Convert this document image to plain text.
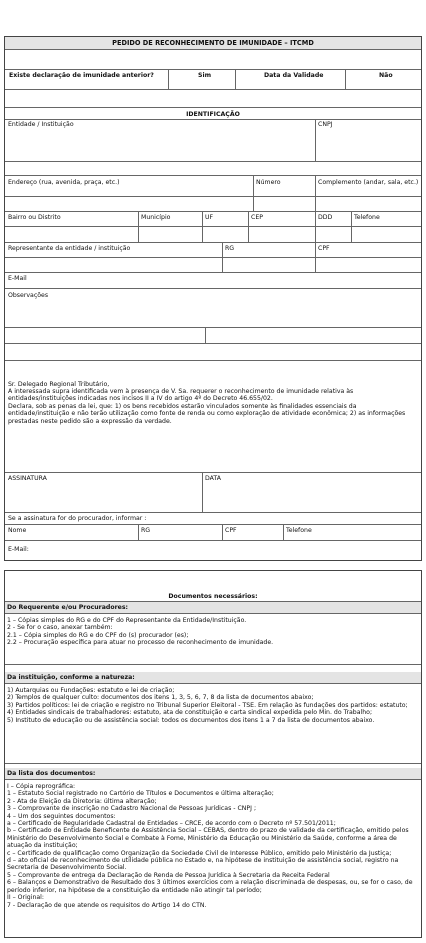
PEDIDO DE RECONHECIMENTO DE IMUNIDADE – ITCMD
Existe declaração de imunidade anterior?	Sim	Data da Validade	Não
IDENTIFICAÇÃO
Entidade / Instituição	CNPJ
Endereço (rua, avenida, praça, etc.)	Número	Complemento (andar, sala, etc.)
Bairro ou Distrito	Município	UF	CEP	DDD	Telefone
Representante da entidade / instituição	RG	CPF
E-Mail
Observações
Sr. Delegado Regional Tributário,
A interessada supra identificada vem à presença de V. Sa. requerer o reconhecimento de imunidade relativa às entidades/instituições indicadas nos incisos II a IV do artigo 4º do Decreto 46.655/02.
Declara, sob as penas da lei, que: 1) os bens recebidos estarão vinculados somente às finalidades essenciais da entidade/instituição e não terão utilização como fonte de renda ou como exploração de atividade econômica; 2) as informações prestadas neste pedido são a expressão da verdade.
ASSINATURA	DATA
Se a assinatura for do procurador, informar :
Nome	RG	CPF	Telefone
E-Mail:
Documentos necessários:
Do Requerente e/ou Procuradores:
1 – Cópias simples do RG e do CPF do Representante da Entidade/Instituição.
2 - Se for o caso, anexar também:
2.1 – Cópia simples do RG e do CPF do (s) procurador (es);
2.2 – Procuração específica para atuar no processo de reconhecimento de imunidade.
Da instituição, conforme a natureza:
1) Autarquias ou Fundações: estatuto e lei de criação;
2) Templos de qualquer culto: documentos dos itens 1, 3, 5, 6, 7, 8 da lista de documentos abaixo;
3) Partidos políticos: lei de criação e registro no Tribunal Superior Eleitoral - TSE. Em relação às fundações dos partidos: estatuto;
4) Entidades sindicais de trabalhadores: estatuto, ata de constituição e carta sindical expedida pelo Min. do Trabalho;
5) Instituto de educação ou de assistência social: todos os documentos dos itens 1 a 7 da lista de documentos abaixo.
Da lista dos documentos:
I – Cópia reprográfica:
1 – Estatuto Social registrado no Cartório de Títulos e Documentos e última alteração;
2 - Ata de Eleição da Diretoria: última alteração;
3 – Comprovante de inscrição no Cadastro Nacional de Pessoas Jurídicas - CNPJ ;
4 – Um dos seguintes documentos:
a – Certificado de Regularidade Cadastral de Entidades – CRCE, de acordo com o Decreto nº 57.501/2011;
b – Certificado de Entidade Beneficente de Assistência Social – CEBAS, dentro do prazo de validade da certificação, emitido pelos Ministério do Desenvolvimento Social e Combate à Fome, Ministério da Educação ou Ministério da Saúde, conforme a área de atuação da instituição;
c – Certificado de qualificação como Organização da Sociedade Civil de Interesse Público, emitido pelo Ministério da Justiça;
d – ato oficial de reconhecimento de utilidade pública no Estado e, na hipótese de instituição de assistência social, registro na Secretaria de Desenvolvimento Social.
5 – Comprovante de entrega da Declaração de Renda de Pessoa Jurídica à Secretaria da Receita Federal
6 – Balanços e Demonstrativo de Resultado dos 3 últimos exercícios com a relação discriminada de despesas, ou, se for o caso, de período inferior, na hipótese de a constituição da entidade não atingir tal período;
II – Original:
7 - Declaração de que atende os requisitos do Artigo 14 do CTN.
